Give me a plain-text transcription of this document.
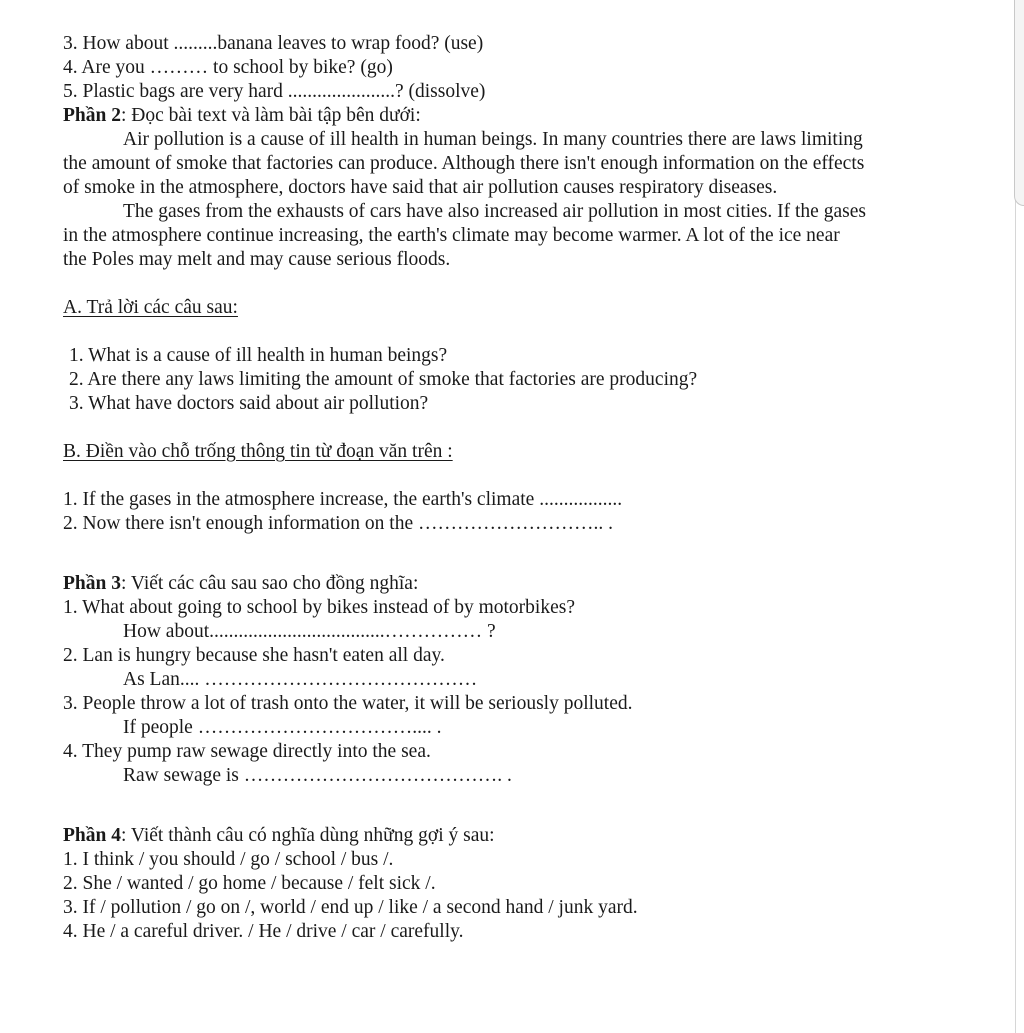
3. How about .........banana leaves to wrap food? (use)
4. Are you ……… to school by bike? (go)
5. Plastic bags are very hard ......................? (dissolve)
Phần 2: Đọc bài text và làm bài tập bên dưới:
Air pollution is a cause of ill health in human beings. In many countries there are laws limiting
the amount of smoke that factories can produce. Although there isn't enough information on the effects
of smoke in the atmosphere, doctors have said that air pollution causes respiratory diseases.
The gases from the exhausts of cars have also increased air pollution in most cities. If the gases
in the atmosphere continue increasing, the earth's climate may become warmer. A lot of the ice near
the Poles may melt and may cause serious floods.
A. Trả lời các câu sau:
1. What is a cause of ill health in human beings?
2. Are there any laws limiting the amount of smoke that factories are producing?
3. What have doctors said about air pollution?
B. Điền vào chỗ trống thông tin từ đoạn văn trên :
1. If the gases in the atmosphere increase, the earth's climate .................
2. Now there isn't enough information on the ……………………….. .
Phần 3: Viết các câu sau sao cho đồng nghĩa:
1. What about going to school by bikes instead of by motorbikes?
How about....................................…………… ?
2. Lan is hungry because she hasn't eaten all day.
As Lan.... ……………………………………
3. People throw a lot of trash onto the water, it will be seriously polluted.
If people …………………………….... .
4. They pump raw sewage directly into the sea.
Raw sewage is …………………………………. .
Phần 4: Viết thành câu có nghĩa dùng những gợi ý sau:
1. I think / you should / go / school / bus /.
2. She / wanted / go home / because / felt sick /.
3. If / pollution / go on /, world / end up / like / a second hand / junk yard.
4. He / a careful driver. / He / drive / car / carefully.
